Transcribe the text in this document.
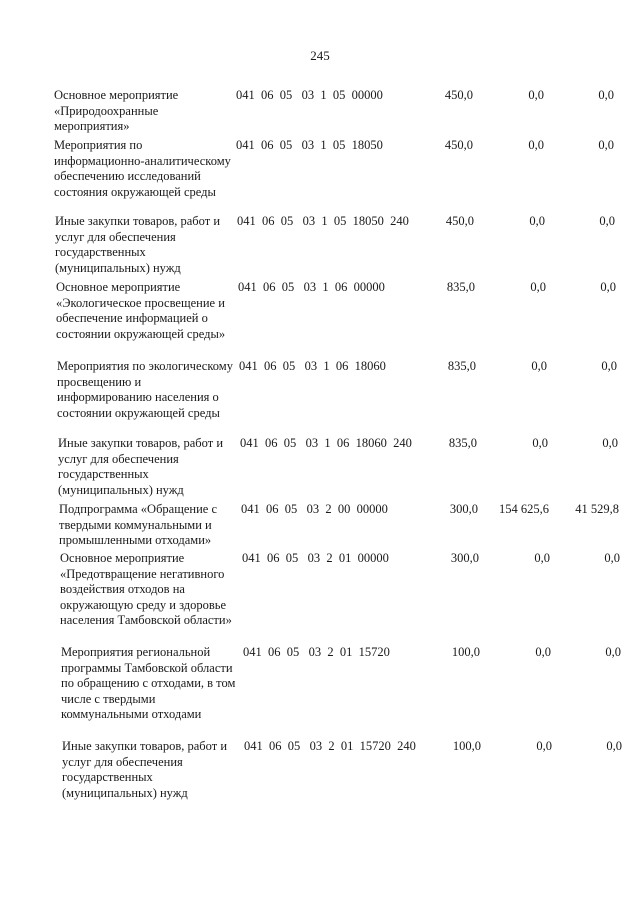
245
Основное мероприятие «Природоохранные мероприятия»
041  06  05   03  1  05  00000	450,0	0,0	0,0
Мероприятия по информационно-аналитическому обеспечению исследований состояния окружающей среды
041  06  05   03  1  05  18050	450,0	0,0	0,0
Иные закупки товаров, работ и услуг для обеспечения государственных (муниципальных) нужд
041  06  05   03  1  05  18050  240	450,0	0,0	0,0
Основное мероприятие «Экологическое просвещение и обеспечение информацией о состоянии окружающей среды»
041  06  05   03  1  06  00000	835,0	0,0	0,0
Мероприятия по экологическому просвещению и информированию населения о состоянии окружающей среды
041  06  05   03  1  06  18060	835,0	0,0	0,0
Иные закупки товаров, работ и услуг для обеспечения государственных (муниципальных) нужд
041  06  05   03  1  06  18060  240	835,0	0,0	0,0
Подпрограмма «Обращение с твердыми коммунальными и промышленными отходами»
041  06  05   03  2  00  00000	300,0	154 625,6	41 529,8
Основное мероприятие «Предотвращение негативного воздействия отходов на окружающую среду и здоровье населения Тамбовской области»
041  06  05   03  2  01  00000	300,0	0,0	0,0
Мероприятия региональной программы Тамбовской области по обращению с отходами, в том числе с твердыми коммунальными отходами
041  06  05   03  2  01  15720	100,0	0,0	0,0
Иные закупки товаров, работ и услуг для обеспечения государственных (муниципальных) нужд
041  06  05   03  2  01  15720  240	100,0	0,0	0,0
